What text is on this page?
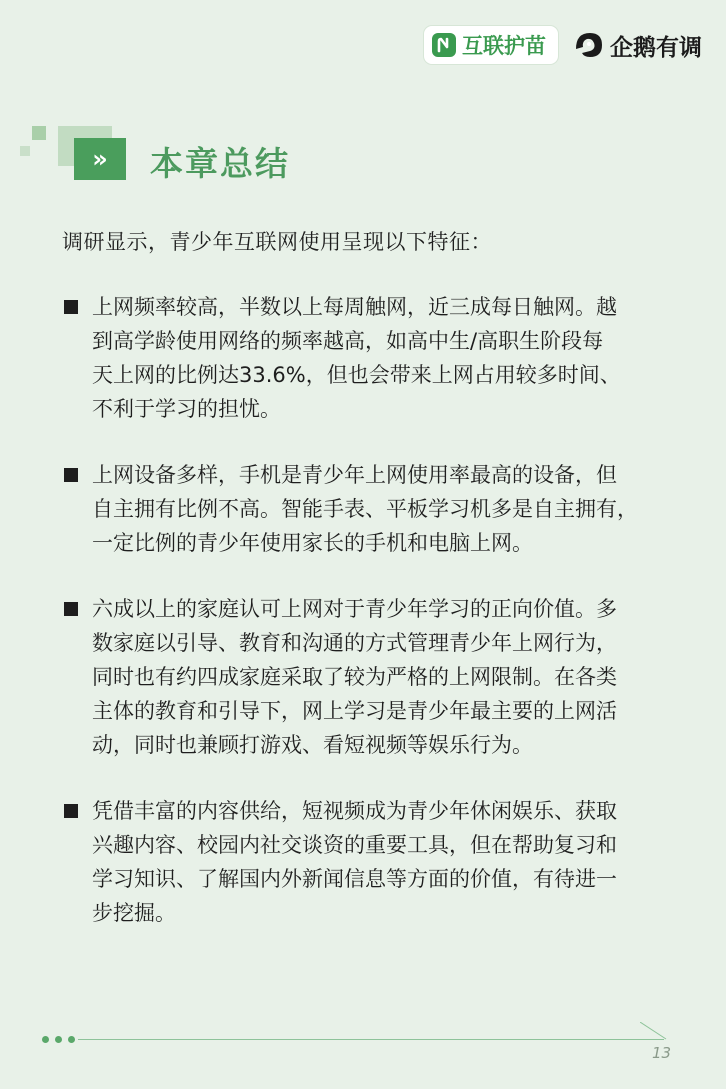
互联护苗	企鹅有调
» 本章总结
调研显示，青少年互联网使用呈现以下特征：
上网频率较高，半数以上每周触网，近三成每日触网。越
到高学龄使用网络的频率越高，如高中生/高职生阶段每
天上网的比例达33.6%，但也会带来上网占用较多时间、
不利于学习的担忧。
上网设备多样，手机是青少年上网使用率最高的设备，但
自主拥有比例不高。智能手表、平板学习机多是自主拥有，
一定比例的青少年使用家长的手机和电脑上网。
六成以上的家庭认可上网对于青少年学习的正向价值。多
数家庭以引导、教育和沟通的方式管理青少年上网行为，
同时也有约四成家庭采取了较为严格的上网限制。在各类
主体的教育和引导下，网上学习是青少年最主要的上网活
动，同时也兼顾打游戏、看短视频等娱乐行为。
凭借丰富的内容供给，短视频成为青少年休闲娱乐、获取
兴趣内容、校园内社交谈资的重要工具，但在帮助复习和
学习知识、了解国内外新闻信息等方面的价值，有待进一
步挖掘。
13
